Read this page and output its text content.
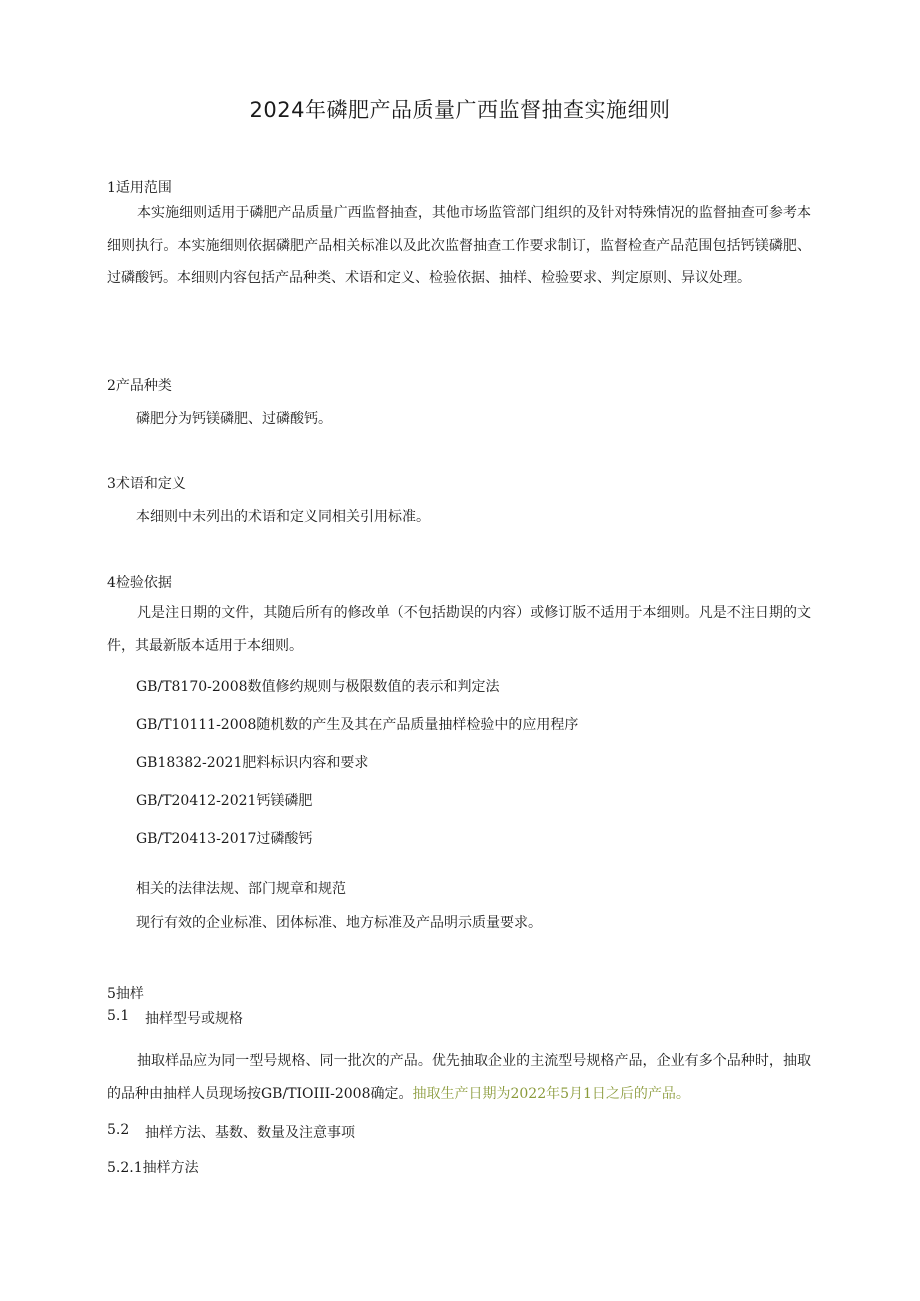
2024年磷肥产品质量广西监督抽查实施细则
1适用范围

本实施细则适用于磷肥产品质量广西监督抽查，其他市场监管部门组织的及针对特殊情况的监督抽查可参考本细则执行。本实施细则依据磷肥产品相关标准以及此次监督抽查工作要求制订，监督检查产品范围包括钙镁磷肥、过磷酸钙。本细则内容包括产品种类、术语和定义、检验依据、抽样、检验要求、判定原则、异议处理。

2产品种类
磷肥分为钙镁磷肥、过磷酸钙。
3术语和定义
本细则中未列出的术语和定义同相关引用标准。
4检验依据

凡是注日期的文件，其随后所有的修改单（不包括勘误的内容）或修订版不适用于本细则。凡是不注日期的文件，其最新版本适用于本细则。

GB/T8170-2008数值修约规则与极限数值的表示和判定法
GB/T10111-2008随机数的产生及其在产品质量抽样检验中的应用程序
GB18382-2021肥料标识内容和要求
GB/T20412-2021钙镁磷肥
GB/T20413-2017过磷酸钙
相关的法律法规、部门规章和规范
现行有效的企业标准、团体标准、地方标准及产品明示质量要求。
5抽样
5.1 抽样型号或规格

抽取样品应为同一型号规格、同一批次的产品。优先抽取企业的主流型号规格产品，企业有多个品种时，抽取的品种由抽样人员现场按GB/TIOIII-2008确定。抽取生产日期为2022年5月1日之后的产品。

5.2 抽样方法、基数、数量及注意事项
5.2.1抽样方法
